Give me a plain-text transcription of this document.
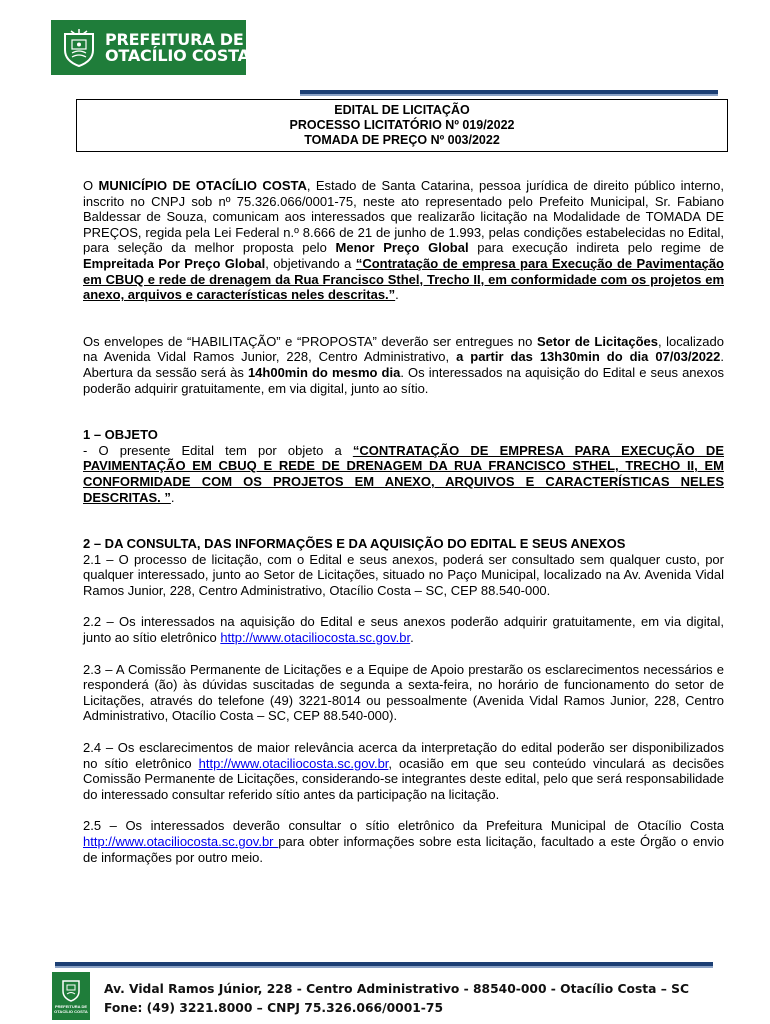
PREFEITURA DE
OTACÍLIO COSTA
EDITAL DE LICITAÇÃO
PROCESSO LICITATÓRIO Nº 019/2022
TOMADA DE PREÇO Nº 003/2022

O MUNICÍPIO DE OTACÍLIO COSTA, Estado de Santa Catarina, pessoa jurídica de direito público interno, inscrito no CNPJ sob nº 75.326.066/0001-75, neste ato representado pelo Prefeito Municipal, Sr. Fabiano Baldessar de Souza, comunicam aos interessados que realizarão licitação na Modalidade de TOMADA DE PREÇOS, regida pela Lei Federal n.º 8.666 de 21 de junho de 1.993, pelas condições estabelecidas no Edital, para seleção da melhor proposta pelo Menor Preço Global para execução indireta pelo regime de Empreitada Por Preço Global, objetivando a “Contratação de empresa para Execução de Pavimentação em CBUQ e rede de drenagem da Rua Francisco Sthel, Trecho II, em conformidade com os projetos em anexo, arquivos e características neles descritas.”.

Os envelopes de “HABILITAÇÃO” e “PROPOSTA” deverão ser entregues no Setor de Licitações, localizado na Avenida Vidal Ramos Junior, 228, Centro Administrativo, a partir das 13h30min do dia 07/03/2022. Abertura da sessão será às 14h00min do mesmo dia. Os interessados na aquisição do Edital e seus anexos poderão adquirir gratuitamente, em via digital, junto ao sítio.

1 – OBJETO

- O presente Edital tem por objeto a “CONTRATAÇÃO DE EMPRESA PARA EXECUÇÃO DE PAVIMENTAÇÃO EM CBUQ E REDE DE DRENAGEM DA RUA FRANCISCO STHEL, TRECHO II, EM CONFORMIDADE COM OS PROJETOS EM ANEXO, ARQUIVOS E CARACTERÍSTICAS NELES DESCRITAS. ”.

2 – DA CONSULTA, DAS INFORMAÇÕES E DA AQUISIÇÃO DO EDITAL E SEUS ANEXOS

2.1 – O processo de licitação, com o Edital e seus anexos, poderá ser consultado sem qualquer custo, por qualquer interessado, junto ao Setor de Licitações, situado no Paço Municipal, localizado na Av. Avenida Vidal Ramos Junior, 228, Centro Administrativo, Otacílio Costa – SC, CEP 88.540-000.

2.2 – Os interessados na aquisição do Edital e seus anexos poderão adquirir gratuitamente, em via digital, junto ao sítio eletrônico http://www.otaciliocosta.sc.gov.br.

2.3 – A Comissão Permanente de Licitações e a Equipe de Apoio prestarão os esclarecimentos necessários e responderá (ão) às dúvidas suscitadas de segunda a sexta-feira, no horário de funcionamento do setor de Licitações, através do telefone (49) 3221-8014 ou pessoalmente (Avenida Vidal Ramos Junior, 228, Centro Administrativo, Otacílio Costa – SC, CEP 88.540-000).

2.4 – Os esclarecimentos de maior relevância acerca da interpretação do edital poderão ser disponibilizados no sítio eletrônico http://www.otaciliocosta.sc.gov.br, ocasião em que seu conteúdo vinculará as decisões Comissão Permanente de Licitações, considerando-se integrantes deste edital, pelo que será responsabilidade do interessado consultar referido sítio antes da participação na licitação.

2.5 – Os interessados deverão consultar o sítio eletrônico da Prefeitura Municipal de Otacílio Costa http://www.otaciliocosta.sc.gov.br para obter informações sobre esta licitação, facultado a este Órgão o envio de informações por outro meio.

PREFEITURA DE
OTACÍLIO COSTA
Av. Vidal Ramos Júnior, 228 - Centro Administrativo - 88540-000 - Otacílio Costa – SC
Fone: (49) 3221.8000 – CNPJ 75.326.066/0001-75
